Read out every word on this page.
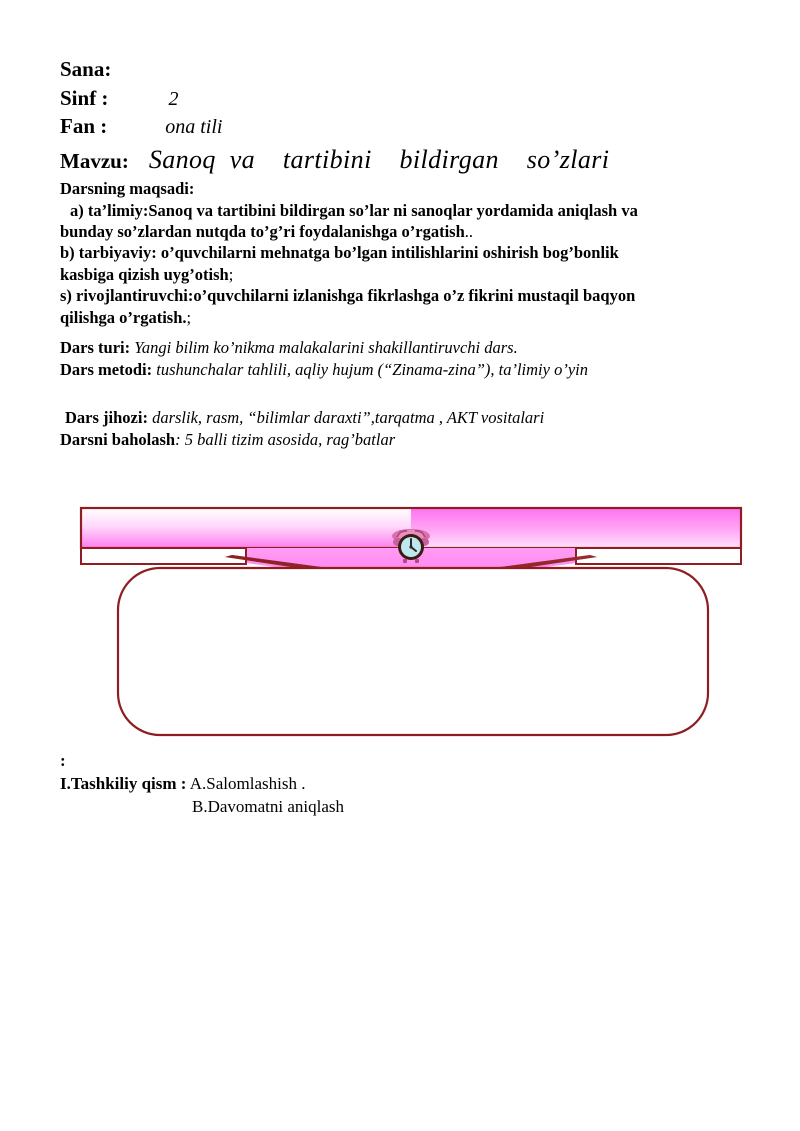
Sana:
Sinf :	2
Fan :	ona tili
Mavzu: Sanoq va  tartibini  bildirgan  so’zlari

Darsning maqsadi:

a) ta’limiy:Sanoq va tartibini bildirgan so’lar ni sanoqlar yordamida aniqlash va

bunday so’zlardan nutqda to’g’ri foydalanishga o’rgatish..

b) tarbiyaviy: o’quvchilarni mehnatga bo’lgan intilishlarini oshirish bog’bonlik

kasbiga qizish uyg’otish;

s) rivojlantiruvchi:o’quvchilarni izlanishga fikrlashga o’z fikrini mustaqil baqyon

qilishga o’rgatish.;

Dars turi: Yangi bilim ko’nikma malakalarini shakillantiruvchi dars.

Dars metodi: tushunchalar tahlili, aqliy hujum (“Zinama-zina”), ta’limiy o’yin

Dars jihozi: darslik, rasm, “bilimlar daraxti”,tarqatma , AKT vositalari

Darsni baholash: 5 balli tizim asosida, rag’batlar

:

I.Tashkiliy qism : A.Salomlashish .

B.Davomatni aniqlash
